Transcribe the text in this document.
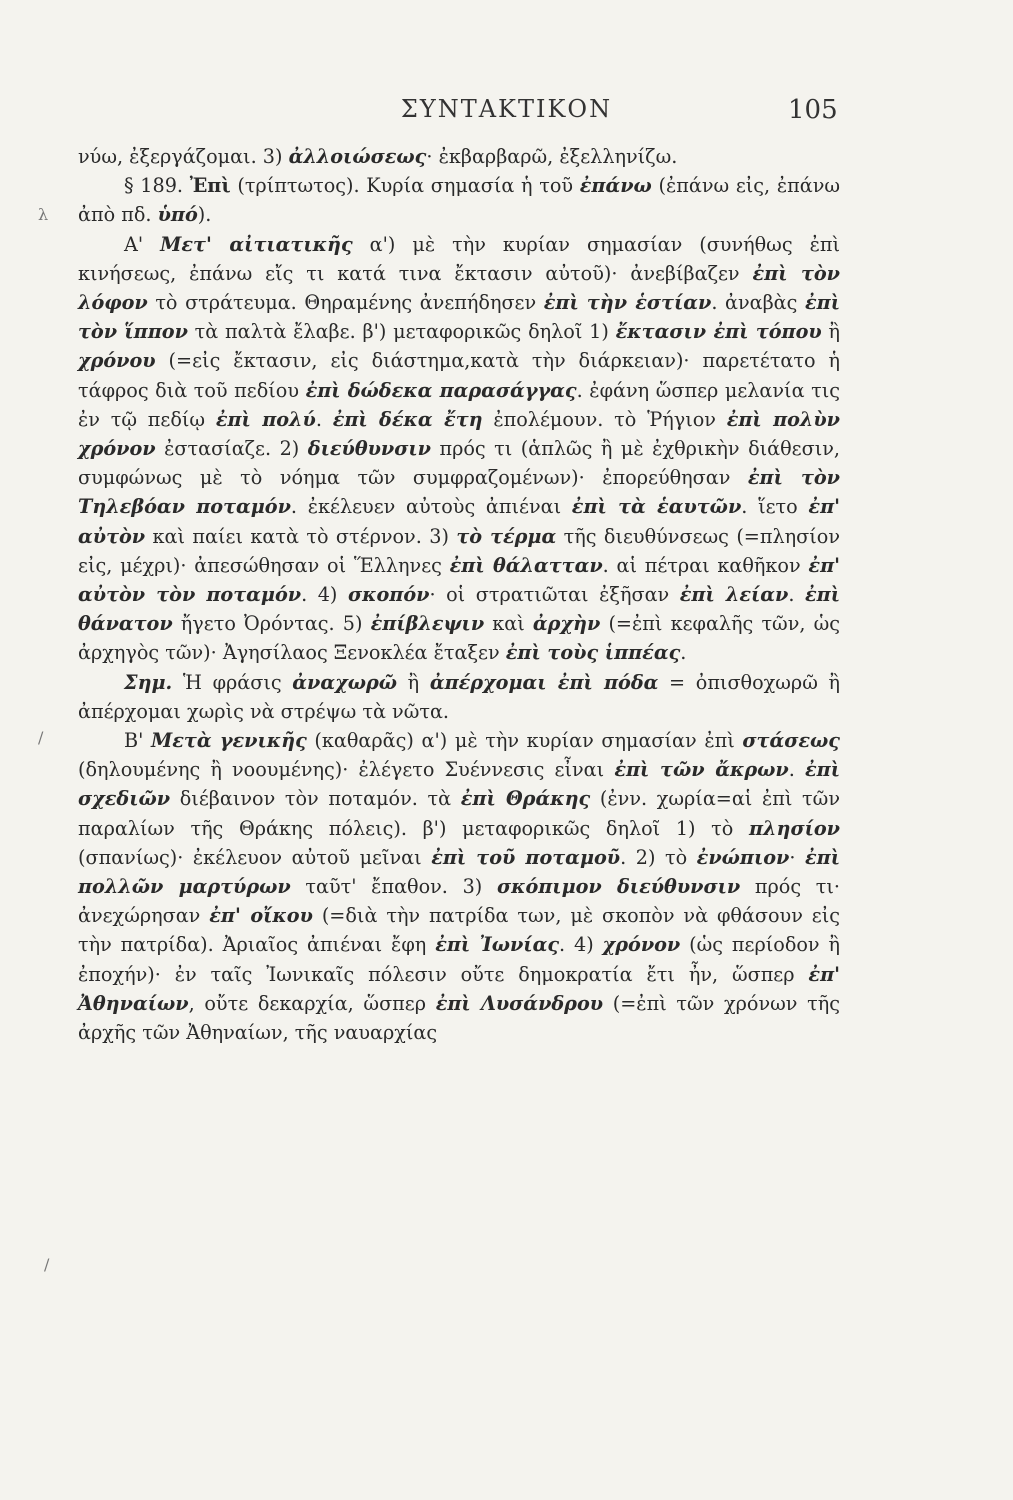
ΣΥΝΤΑΚΤΙΚΟΝ	105
λ
/
/

νύω, ἐξεργάζομαι. 3) ἀλλοιώσεως· ἐκβαρβαρῶ, ἐξελληνίζω.

§ 189. Ἐπὶ (τρίπτωτος). Κυρία σημασία ἡ τοῦ ἐπάνω (ἐπάνω εἰς, ἐπάνω ἀπὸ πδ. ὑπό).

Α' Μετ' αἰτιατικῆς α') μὲ τὴν κυρίαν σημασίαν (συνήθως ἐπὶ κινήσεως, ἐπάνω εἴς τι κατά τινα ἔκτασιν αὐτοῦ)· ἀνεβίβαζεν ἐπὶ τὸν λόφον τὸ στράτευμα. Θηραμένης ἀνεπήδησεν ἐπὶ τὴν ἑστίαν. ἀναβὰς ἐπὶ τὸν ἵππον τὰ παλτὰ ἔλαβε. β') μεταφορικῶς δηλοῖ 1) ἔκτασιν ἐπὶ τόπου ἢ χρόνου (=εἰς ἔκτασιν, εἰς διάστημα,κατὰ τὴν διάρκειαν)· παρετέτατο ἡ τάφρος διὰ τοῦ πεδίου ἐπὶ δώδεκα παρασάγγας. ἐφάνη ὥσπερ μελανία τις ἐν τῷ πεδίῳ ἐπὶ πολύ. ἐπὶ δέκα ἔτη ἐπολέμουν. τὸ Ῥήγιον ἐπὶ πολὺν χρόνον ἐστασίαζε. 2) διεύθυνσιν πρός τι (ἁπλῶς ἢ μὲ ἐχθρικὴν διάθεσιν, συμφώνως μὲ τὸ νόημα τῶν συμφραζομένων)· ἐπορεύθησαν ἐπὶ τὸν Τηλεβόαν ποταμόν. ἐκέλευεν αὐτοὺς ἀπιέναι ἐπὶ τὰ ἑαυτῶν. ἵετο ἐπ' αὐτὸν καὶ παίει κατὰ τὸ στέρνον. 3) τὸ τέρμα τῆς διευθύνσεως (=πλησίον εἰς, μέχρι)· ἀπεσώθησαν οἱ Ἕλληνες ἐπὶ θάλατταν. αἱ πέτραι καθῆκον ἐπ' αὐτὸν τὸν ποταμόν. 4) σκοπόν· οἱ στρατιῶται ἐξῆσαν ἐπὶ λείαν. ἐπὶ θάνατον ἤγετο Ὀρόντας. 5) ἐπίβλεψιν καὶ ἀρχὴν (=ἐπὶ κεφαλῆς τῶν, ὡς ἀρχηγὸς τῶν)· Ἀγησίλαος Ξενοκλέα ἔταξεν ἐπὶ τοὺς ἱππέας.

Σημ. Ἡ φράσις ἀναχωρῶ ἢ ἀπέρχομαι ἐπὶ πόδα = ὀπισθοχωρῶ ἢ ἀπέρχομαι χωρὶς νὰ στρέψω τὰ νῶτα.

Β' Μετὰ γενικῆς (καθαρᾶς) α') μὲ τὴν κυρίαν σημασίαν ἐπὶ στάσεως (δηλουμένης ἢ νοουμένης)· ἐλέγετο Συέννεσις εἶναι ἐπὶ τῶν ἄκρων. ἐπὶ σχεδιῶν διέβαινον τὸν ποταμόν. τὰ ἐπὶ Θράκης (ἐνν. χωρία=αἱ ἐπὶ τῶν παραλίων τῆς Θράκης πόλεις). β') μεταφορικῶς δηλοῖ 1) τὸ πλησίον (σπανίως)· ἐκέλευον αὐτοῦ μεῖναι ἐπὶ τοῦ ποταμοῦ. 2) τὸ ἐνώπιον· ἐπὶ πολλῶν μαρτύρων ταῦτ' ἔπαθον. 3) σκόπιμον διεύθυνσιν πρός τι· ἀνεχώρησαν ἐπ' οἴκου (=διὰ τὴν πατρίδα των, μὲ σκοπὸν νὰ φθάσουν εἰς τὴν πατρίδα). Ἀριαῖος ἀπιέναι ἔφη ἐπὶ Ἰωνίας. 4) χρόνον (ὡς περίοδον ἢ ἐποχήν)· ἐν ταῖς Ἰωνικαῖς πόλεσιν οὔτε δημοκρατία ἔτι ἦν, ὥσπερ ἐπ' Ἀθηναίων, οὔτε δεκαρχία, ὥσπερ ἐπὶ Λυσάνδρου (=ἐπὶ τῶν χρόνων τῆς ἀρχῆς τῶν Ἀθηναίων, τῆς ναυαρχίας
